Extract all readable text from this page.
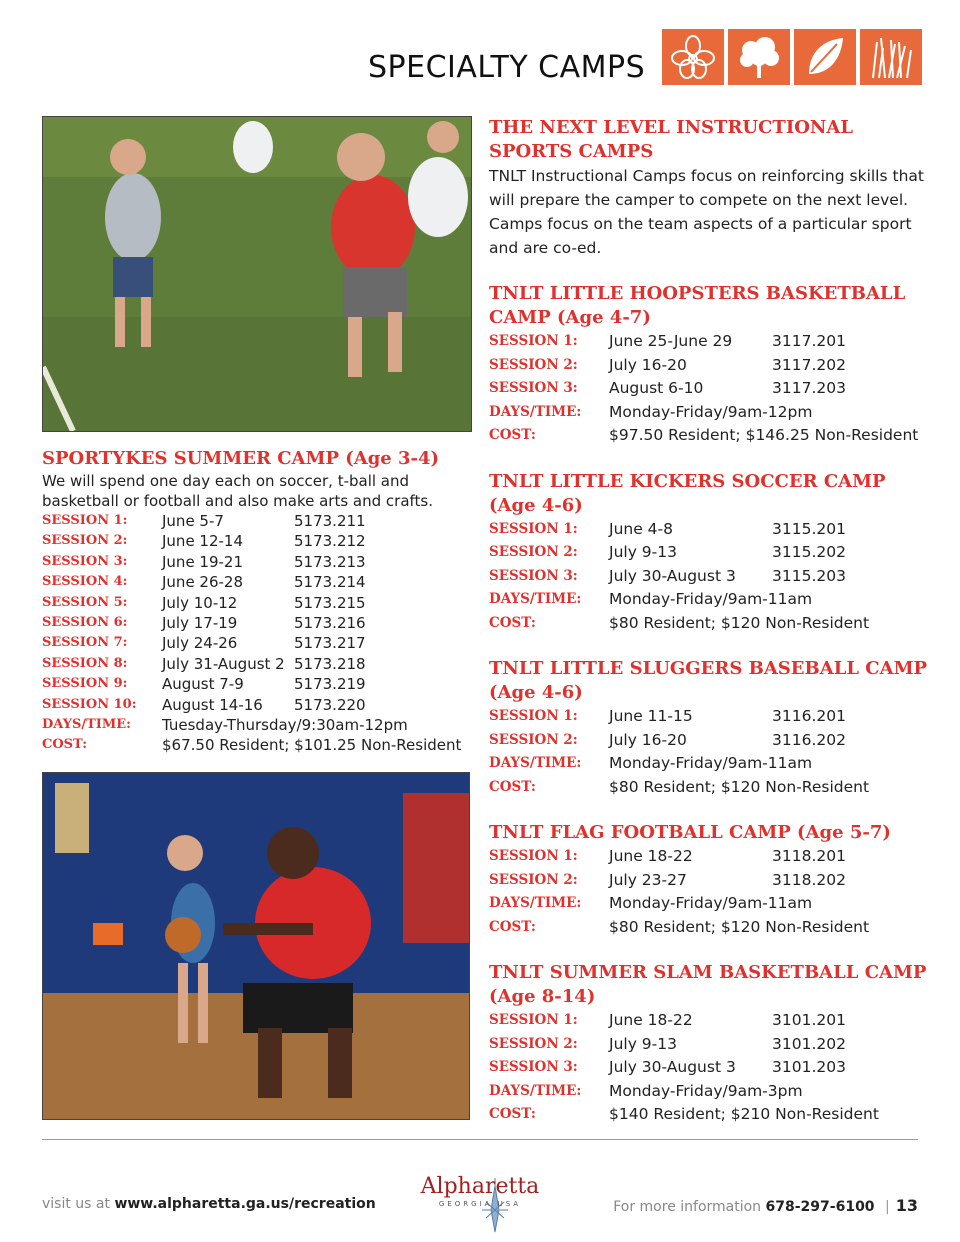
SPECIALTY CAMPS

SPORTYKES SUMMER CAMP (Age 3-4)

We will spend one day each on soccer, t-ball and basketball or football and also make arts and crafts.

SESSION 1:	June 5-7	5173.211
SESSION 2:	June 12-14	5173.212
SESSION 3:	June 19-21	5173.213
SESSION 4:	June 26-28	5173.214
SESSION 5:	July 10-12	5173.215
SESSION 6:	July 17-19	5173.216
SESSION 7:	July 24-26	5173.217
SESSION 8:	July 31-August 2 5173.218
SESSION 9:	August 7-9	5173.219
SESSION 10:	August 14-16	5173.220
DAYS/TIME:	Tuesday-Thursday/9:30am-12pm
COST:	$67.50 Resident; $101.25 Non-Resident

THE NEXT LEVEL INSTRUCTIONAL SPORTS CAMPS

TNLT Instructional Camps focus on reinforcing skills that will prepare the camper to compete on the next level. Camps focus on the team aspects of a particular sport and are co-ed.

TNLT LITTLE HOOPSTERS BASKETBALL CAMP (Age 4-7)

SESSION 1:	June 25-June 29	3117.201
SESSION 2:	July 16-20	3117.202
SESSION 3:	August 6-10	3117.203
DAYS/TIME:	Monday-Friday/9am-12pm
COST:	$97.50 Resident; $146.25 Non-Resident

TNLT LITTLE KICKERS SOCCER CAMP (Age 4-6)

SESSION 1:	June 4-8	3115.201
SESSION 2:	July 9-13	3115.202
SESSION 3:	July 30-August 3	3115.203
DAYS/TIME:	Monday-Friday/9am-11am
COST:	$80 Resident; $120 Non-Resident

TNLT LITTLE SLUGGERS BASEBALL CAMP (Age 4-6)

SESSION 1:	June 11-15	3116.201
SESSION 2:	July 16-20	3116.202
DAYS/TIME:	Monday-Friday/9am-11am
COST:	$80 Resident; $120 Non-Resident

TNLT FLAG FOOTBALL CAMP (Age 5-7)

SESSION 1:	June 18-22	3118.201
SESSION 2:	July 23-27	3118.202
DAYS/TIME:	Monday-Friday/9am-11am
COST:	$80 Resident; $120 Non-Resident

TNLT SUMMER SLAM BASKETBALL CAMP (Age 8-14)

SESSION 1:	June 18-22	3101.201
SESSION 2:	July 9-13	3101.202
SESSION 3:	July 30-August 3	3101.203
DAYS/TIME:	Monday-Friday/9am-3pm
COST:	$140 Resident; $210 Non-Resident
visit us at www.alpharetta.ga.us/recreation
Alpharetta
GEORGIA USA	For more information 678-297-6100 | 13
